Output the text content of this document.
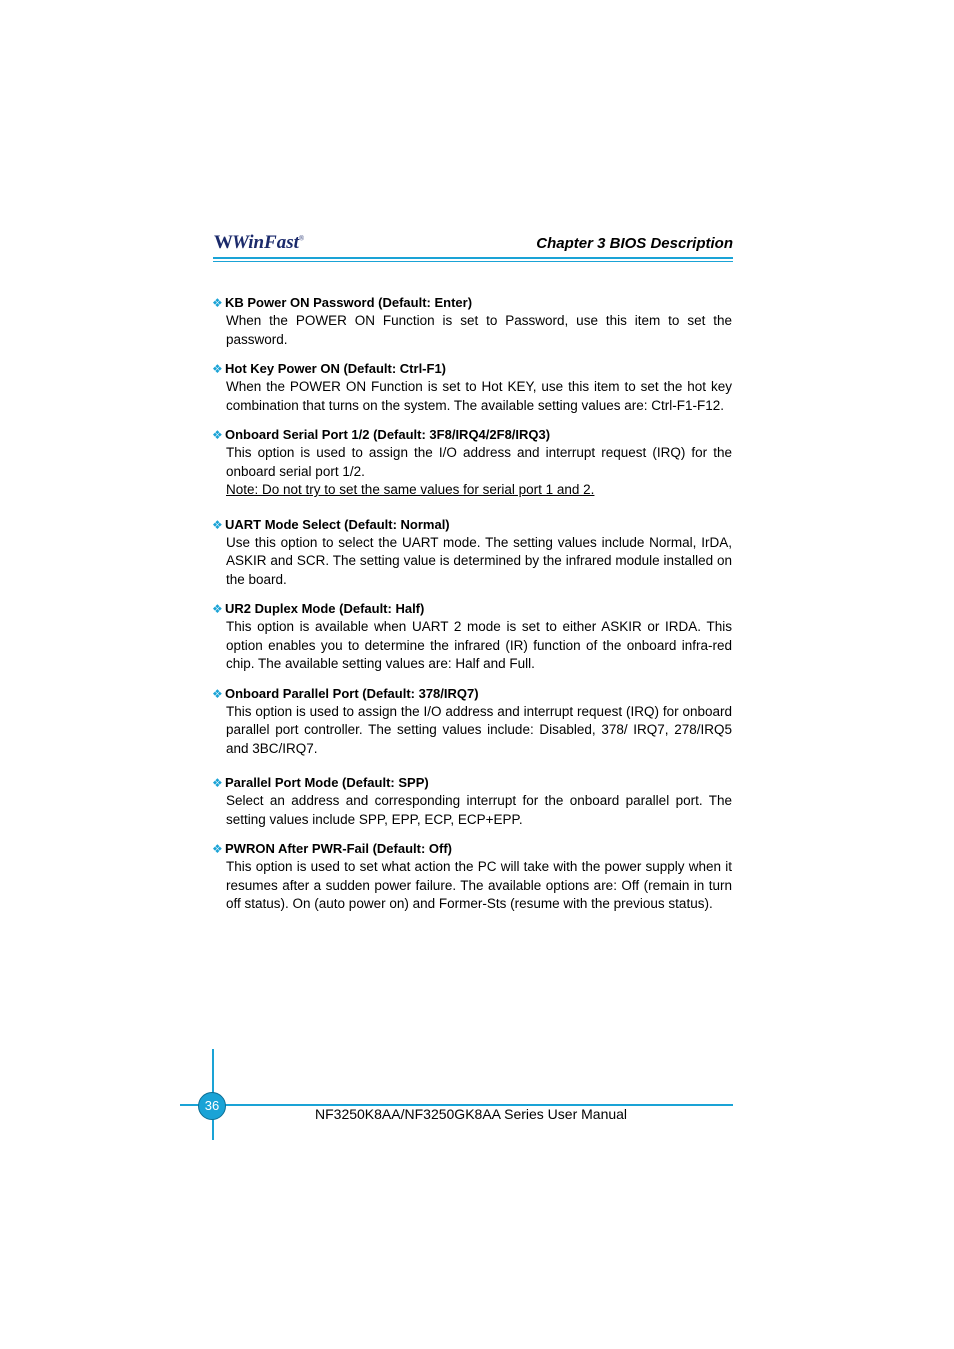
WWinFast®	Chapter 3 BIOS Description
❖ KB Power ON Password (Default: Enter)

When the POWER ON Function is set to Password, use this item to set the password.

❖ Hot Key Power ON (Default: Ctrl-F1)

When the POWER ON Function is set to Hot KEY, use this item to set the hot key combination that turns on the system. The available setting values are: Ctrl-F1-F12.

❖ Onboard Serial Port 1/2 (Default: 3F8/IRQ4/2F8/IRQ3)

This option is used to assign the I/O address and interrupt request (IRQ) for the onboard serial port 1/2.

Note: Do not try to set the same values for serial port 1 and 2.

❖ UART Mode Select (Default: Normal)

Use this option to select the UART mode. The setting values include Normal, IrDA, ASKIR and SCR. The setting value is determined by the infrared module installed on the board.

❖ UR2 Duplex Mode (Default: Half)

This option is available when UART 2 mode is set to either ASKIR or IRDA. This option enables you to determine the infrared (IR) function of the onboard infra-red chip. The available setting values are: Half and Full.

❖ Onboard Parallel Port (Default: 378/IRQ7)

This option is used to assign the I/O address and interrupt request (IRQ) for onboard parallel port controller. The setting values include: Disabled, 378/ IRQ7, 278/IRQ5 and 3BC/IRQ7.

❖ Parallel Port Mode (Default: SPP)

Select an address and corresponding interrupt for the onboard parallel port. The setting values include SPP, EPP, ECP, ECP+EPP.

❖ PWRON After PWR-Fail (Default: Off)

This option is used to set what action the PC will take with the power supply when it resumes after a sudden power failure. The available options are: Off (remain in turn off status). On (auto power on) and Former-Sts (resume with the previous status).

36
NF3250K8AA/NF3250GK8AA Series User Manual
